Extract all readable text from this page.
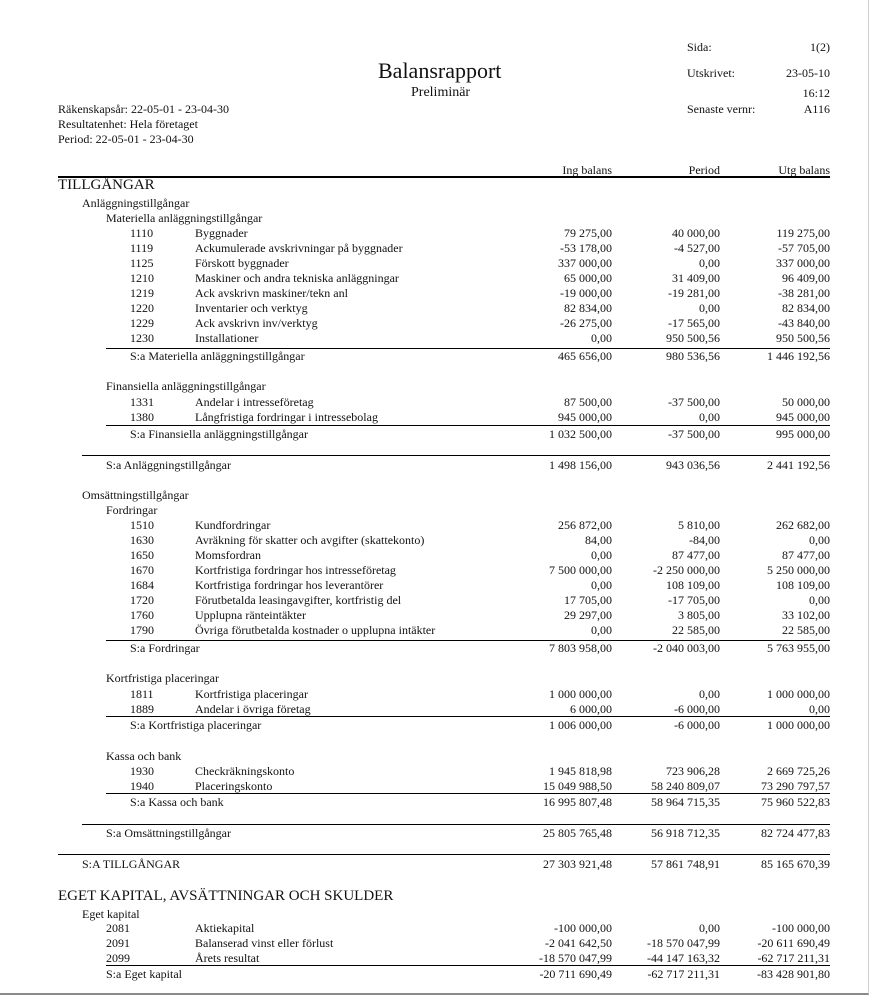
Balansrapport
Preliminär
Sida:	1(2)
Utskrivet:	23-05-10
16:12
Senaste vernr:	A116
Räkenskapsår: 22-05-01 - 23-04-30
Resultatenhet: Hela företaget
Period: 22-05-01 - 23-04-30
Ing balans	Period	Utg balans
TILLGÅNGAR
Anläggningstillgångar
Materiella anläggningstillgångar
Finansiella anläggningstillgångar
Omsättningstillgångar
Fordringar
Kortfristiga placeringar
Kassa och bank
EGET KAPITAL, AVSÄTTNINGAR OCH SKULDER
Eget kapital
1110	Byggnader	79 275,00	40 000,00	119 275,00
1119	Ackumulerade avskrivningar på byggnader	-53 178,00	-4 527,00	-57 705,00
1125	Förskott byggnader	337 000,00	0,00	337 000,00
1210	Maskiner och andra tekniska anläggningar	65 000,00	31 409,00	96 409,00
1219	Ack avskrivn maskiner/tekn anl	-19 000,00	-19 281,00	-38 281,00
1220	Inventarier och verktyg	82 834,00	0,00	82 834,00
1229	Ack avskrivn inv/verktyg	-26 275,00	-17 565,00	-43 840,00
1230	Installationer	0,00	950 500,56	950 500,56
S:a Materiella anläggningstillgångar	465 656,00	980 536,56	1 446 192,56
1331	Andelar i intresseföretag	87 500,00	-37 500,00	50 000,00
1380	Långfristiga fordringar i intressebolag	945 000,00	0,00	945 000,00
S:a Finansiella anläggningstillgångar	1 032 500,00	-37 500,00	995 000,00
S:a Anläggningstillgångar	1 498 156,00	943 036,56	2 441 192,56
1510	Kundfordringar	256 872,00	5 810,00	262 682,00
1630	Avräkning för skatter och avgifter (skattekonto)	84,00	-84,00	0,00
1650	Momsfordran	0,00	87 477,00	87 477,00
1670	Kortfristiga fordringar hos intresseföretag	7 500 000,00	-2 250 000,00	5 250 000,00
1684	Kortfristiga fordringar hos leverantörer	0,00	108 109,00	108 109,00
1720	Förutbetalda leasingavgifter, kortfristig del	17 705,00	-17 705,00	0,00
1760	Upplupna ränteintäkter	29 297,00	3 805,00	33 102,00
1790	Övriga förutbetalda kostnader o upplupna intäkter	0,00	22 585,00	22 585,00
S:a Fordringar	7 803 958,00	-2 040 003,00	5 763 955,00
1811	Kortfristiga placeringar	1 000 000,00	0,00	1 000 000,00
1889	Andelar i övriga företag	6 000,00	-6 000,00	0,00
S:a Kortfristiga placeringar	1 006 000,00	-6 000,00	1 000 000,00
1930	Checkräkningskonto	1 945 818,98	723 906,28	2 669 725,26
1940	Placeringskonto	15 049 988,50	58 240 809,07	73 290 797,57
S:a Kassa och bank	16 995 807,48	58 964 715,35	75 960 522,83
S:a Omsättningstillgångar	25 805 765,48	56 918 712,35	82 724 477,83
S:A TILLGÅNGAR	27 303 921,48	57 861 748,91	85 165 670,39
2081	Aktiekapital	-100 000,00	0,00	-100 000,00
2091	Balanserad vinst eller förlust	-2 041 642,50	-18 570 047,99	-20 611 690,49
2099	Årets resultat	-18 570 047,99	-44 147 163,32	-62 717 211,31
S:a Eget kapital	-20 711 690,49	-62 717 211,31	-83 428 901,80
